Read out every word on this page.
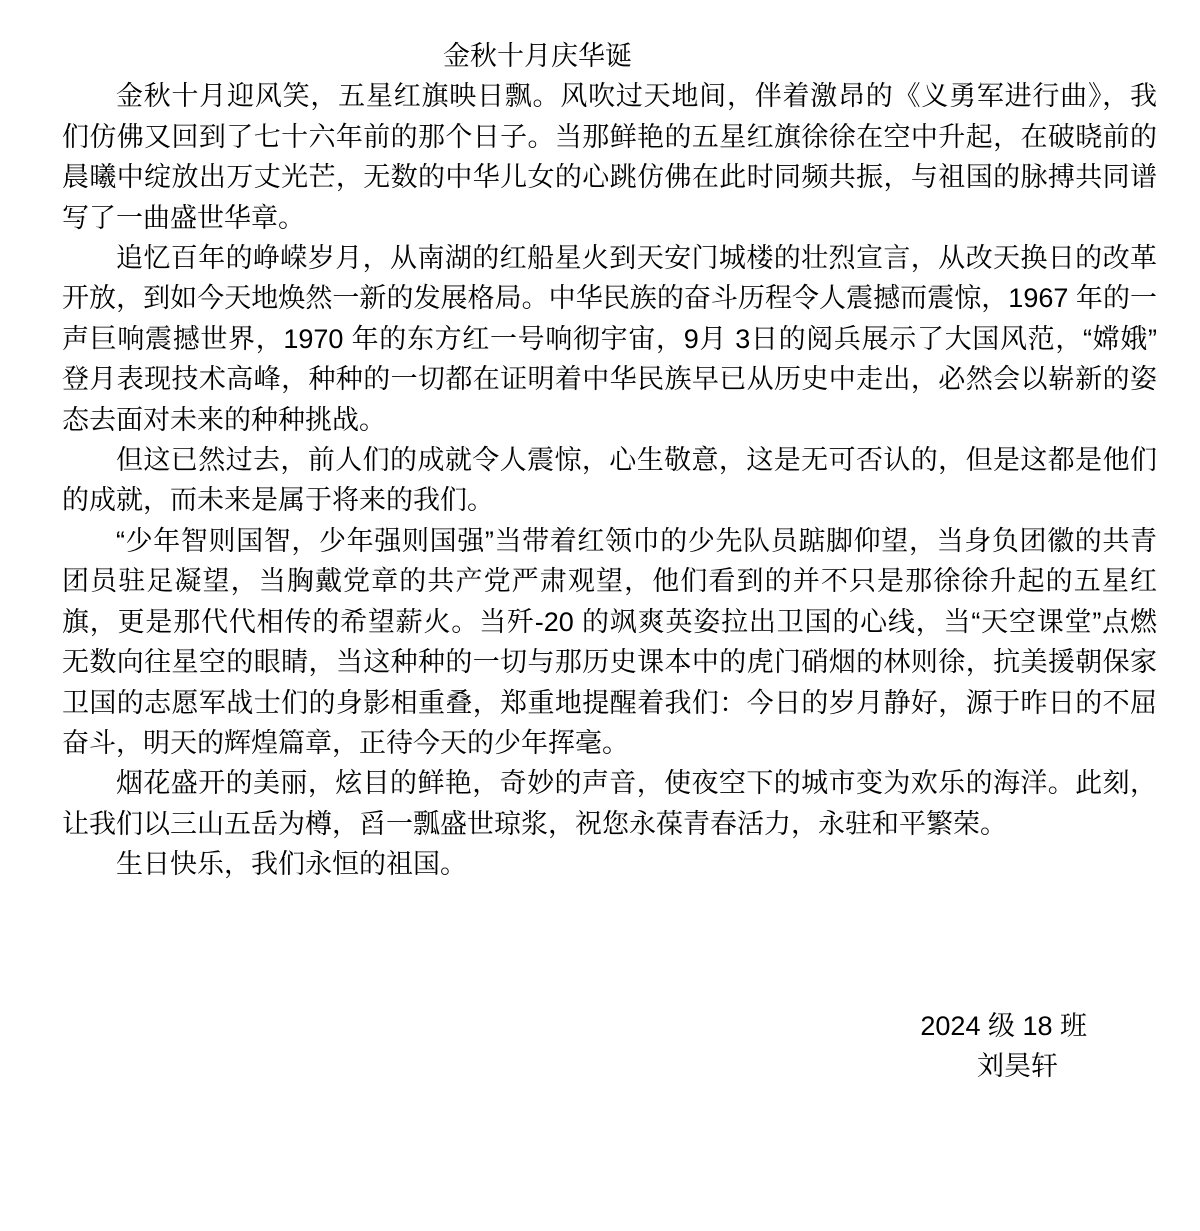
金秋十月庆华诞
金秋十月迎风笑，五星红旗映日飘。风吹过天地间，伴着激昂的《义勇军进行曲》，我
们仿佛又回到了七十六年前的那个日子。当那鲜艳的五星红旗徐徐在空中升起，在破晓前的
晨曦中绽放出万丈光芒，无数的中华儿女的心跳仿佛在此时同频共振，与祖国的脉搏共同谱
写了一曲盛世华章。
追忆百年的峥嵘岁月，从南湖的红船星火到天安门城楼的壮烈宣言，从改天换日的改革
开放，到如今天地焕然一新的发展格局。中华民族的奋斗历程令人震撼而震惊，1967 年的一
声巨响震撼世界，1970 年的东方红一号响彻宇宙，9月 3日的阅兵展示了大国风范，“嫦娥”
登月表现技术高峰，种种的一切都在证明着中华民族早已从历史中走出，必然会以崭新的姿
态去面对未来的种种挑战。
但这已然过去，前人们的成就令人震惊，心生敬意，这是无可否认的，但是这都是他们
的成就，而未来是属于将来的我们。
“少年智则国智，少年强则国强”当带着红领巾的少先队员踮脚仰望，当身负团徽的共青
团员驻足凝望，当胸戴党章的共产党严肃观望，他们看到的并不只是那徐徐升起的五星红
旗，更是那代代相传的希望薪火。当歼-20 的飒爽英姿拉出卫国的心线，当“天空课堂”点燃
无数向往星空的眼睛，当这种种的一切与那历史课本中的虎门硝烟的林则徐，抗美援朝保家
卫国的志愿军战士们的身影相重叠，郑重地提醒着我们：今日的岁月静好，源于昨日的不屈
奋斗，明天的辉煌篇章，正待今天的少年挥毫。
烟花盛开的美丽，炫目的鲜艳，奇妙的声音，使夜空下的城市变为欢乐的海洋。此刻，
让我们以三山五岳为樽，舀一瓢盛世琼浆，祝您永葆青春活力，永驻和平繁荣。
生日快乐，我们永恒的祖国。
2024 级 18 班
刘昊轩
